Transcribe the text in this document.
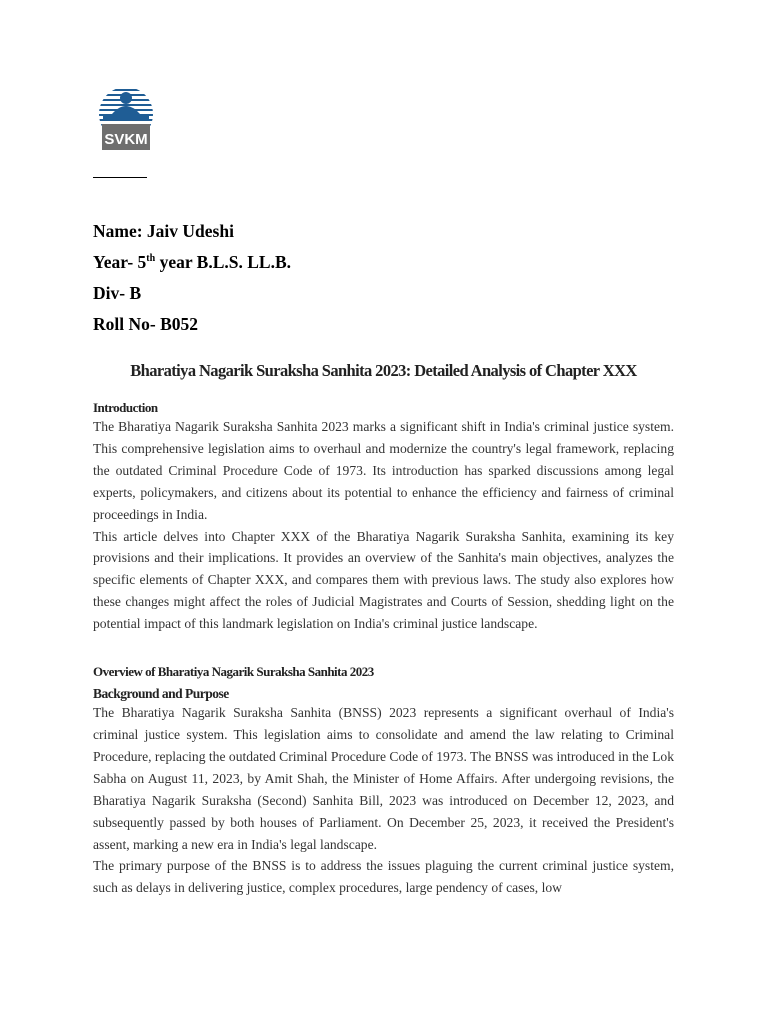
SVKM
Name: Jaiv Udeshi
Year- 5th year B.L.S. LL.B.
Div- B
Roll No- B052
Bharatiya Nagarik Suraksha Sanhita 2023: Detailed Analysis of Chapter XXX
Introduction

The Bharatiya Nagarik Suraksha Sanhita 2023 marks a significant shift in India's criminal justice system. This comprehensive legislation aims to overhaul and modernize the country's legal framework, replacing the outdated Criminal Procedure Code of 1973. Its introduction has sparked discussions among legal experts, policymakers, and citizens about its potential to enhance the efficiency and fairness of criminal proceedings in India.

This article delves into Chapter XXX of the Bharatiya Nagarik Suraksha Sanhita, examining its key provisions and their implications. It provides an overview of the Sanhita's main objectives, analyzes the specific elements of Chapter XXX, and compares them with previous laws. The study also explores how these changes might affect the roles of Judicial Magistrates and Courts of Session, shedding light on the potential impact of this landmark legislation on India's criminal justice landscape.

Overview of Bharatiya Nagarik Suraksha Sanhita 2023
Background and Purpose

The Bharatiya Nagarik Suraksha Sanhita (BNSS) 2023 represents a significant overhaul of India's criminal justice system. This legislation aims to consolidate and amend the law relating to Criminal Procedure, replacing the outdated Criminal Procedure Code of 1973. The BNSS was introduced in the Lok Sabha on August 11, 2023, by Amit Shah, the Minister of Home Affairs. After undergoing revisions, the Bharatiya Nagarik Suraksha (Second) Sanhita Bill, 2023 was introduced on December 12, 2023, and subsequently passed by both houses of Parliament. On December 25, 2023, it received the President's assent, marking a new era in India's legal landscape.

The primary purpose of the BNSS is to address the issues plaguing the current criminal justice system, such as delays in delivering justice, complex procedures, large pendency of cases, low
